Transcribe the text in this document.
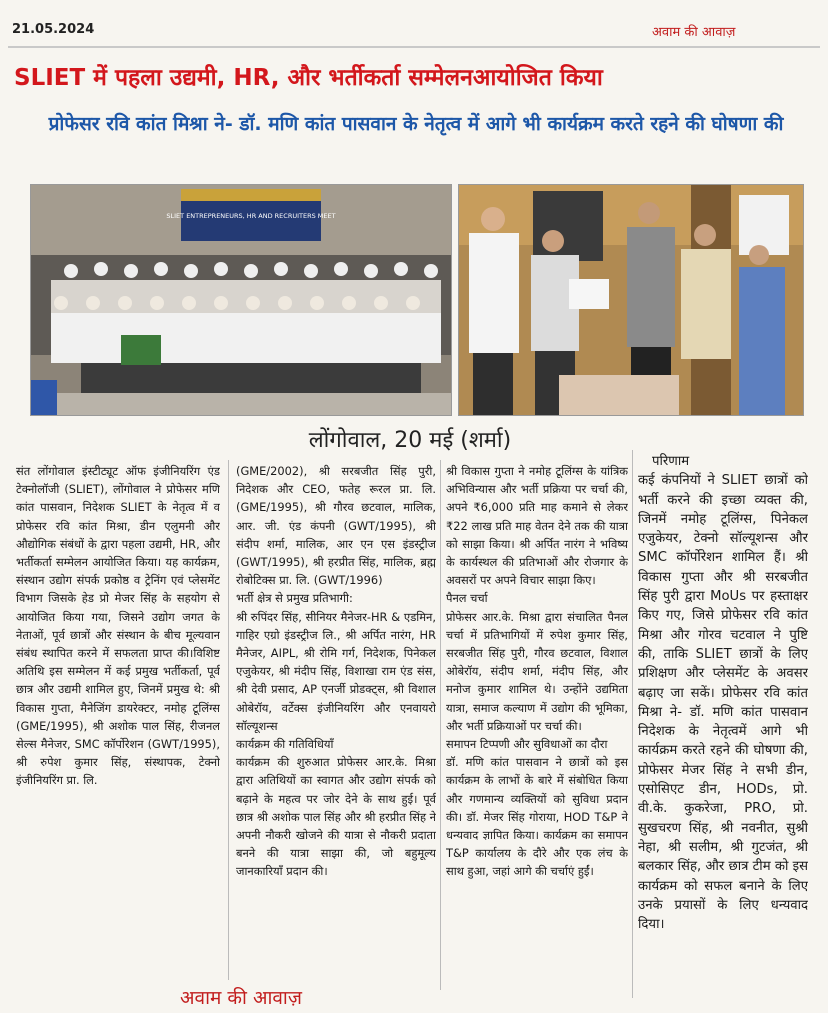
21.05.2024	अवाम की आवाज़
SLIET में पहला उद्यमी, HR, और भर्तीकर्ता सम्मेलनआयोजित किया
प्रोफेसर रवि कांत मिश्रा ने- डॉ. मणि कांत पासवान के नेतृत्व में आगे भी कार्यक्रम करते रहने की घोषणा की
SLIET ENTREPRENEURS, HR AND RECRUITERS MEET
लोंगोवाल, 20 मई (शर्मा)

संत लोंगोवाल इंस्टीट्यूट ऑफ इंजीनियरिंग एंड टेक्नोलॉजी (SLIET), लोंगोवाल ने प्रोफेसर मणि कांत पासवान, निदेशक SLIET के नेतृत्व में व प्रोफेसर रवि कांत मिश्रा, डीन एलुमनी और औद्योगिक संबंधों के द्वारा पहला उद्यमी, HR, और भर्तीकर्ता सम्मेलन आयोजित किया। यह कार्यक्रम, संस्थान उद्योग संपर्क प्रकोष्ठ व ट्रेनिंग एवं प्लेसमेंट विभाग जिसके हेड प्रो मेजर सिंह के सहयोग से आयोजित किया गया, जिसने उद्योग जगत के नेताओं, पूर्व छात्रों और संस्थान के बीच मूल्यवान संबंध स्थापित करने में सफलता प्राप्त की।विशिष्ट अतिथि इस सम्मेलन में कई प्रमुख भर्तीकर्ता, पूर्व छात्र और उद्यमी शामिल हुए, जिनमें प्रमुख थे: श्री विकास गुप्ता, मैनेजिंग डायरेक्टर, नमोह टूलिंग्स (GME/1995), श्री अशोक पाल सिंह, रीजनल सेल्स मैनेजर, SMC कॉर्पोरेशन (GWT/1995), श्री रुपेश कुमार सिंह, संस्थापक, टेक्नो इंजीनियरिंग प्रा. लि.

(GME/2002), श्री सरबजीत सिंह पुरी, निदेशक और CEO, फतेह रूरल प्रा. लि. (GME/1995), श्री गौरव छटवाल, मालिक, आर. जी. एंड कंपनी (GWT/1995), श्री संदीप शर्मा, मालिक, आर एन एस इंडस्ट्रीज (GWT/1995), श्री हरप्रीत सिंह, मालिक, ब्रह्म रोबोटिक्स प्रा. लि. (GWT/1996)

भर्ती क्षेत्र से प्रमुख प्रतिभागी:

श्री रुपिंदर सिंह, सीनियर मैनेजर-HR & एडमिन, गाहिर एग्रो इंडस्ट्रीज लि., श्री अर्पित नारंग, HR मैनेजर, AIPL, श्री रोमि गर्ग, निदेशक, पिनेकल एजुकेयर, श्री मंदीप सिंह, विशाखा राम एंड संस, श्री देवी प्रसाद, AP एनर्जी प्रोडक्ट्स, श्री विशाल ओबेरॉय, वर्टेक्स इंजीनियरिंग और एनवायरो सॉल्यूशन्स

कार्यक्रम की गतिविधियाँ

कार्यक्रम की शुरुआत प्रोफेसर आर.के. मिश्रा द्वारा अतिथियों का स्वागत और उद्योग संपर्क को बढ़ाने के महत्व पर जोर देने के साथ हुई। पूर्व छात्र श्री अशोक पाल सिंह और श्री हरप्रीत सिंह ने अपनी नौकरी खोजने की यात्रा से नौकरी प्रदाता बनने की यात्रा साझा की, जो बहुमूल्य जानकारियाँ प्रदान की।

श्री विकास गुप्ता ने नमोह टूलिंग्स के यांत्रिक अभिविन्यास और भर्ती प्रक्रिया पर चर्चा की, अपने ₹6,000 प्रति माह कमाने से लेकर ₹22 लाख प्रति माह वेतन देने तक की यात्रा को साझा किया। श्री अर्पित नारंग ने भविष्य के कार्यस्थल की प्रतिभाओं और रोजगार के अवसरों पर अपने विचार साझा किए।

पैनल चर्चा

प्रोफेसर आर.के. मिश्रा द्वारा संचालित पैनल चर्चा में प्रतिभागियों में रुपेश कुमार सिंह, सरबजीत सिंह पुरी, गौरव छटवाल, विशाल ओबेरॉय, संदीप शर्मा, मंदीप सिंह, और मनोज कुमार शामिल थे। उन्होंने उद्यमिता यात्रा, समाज कल्याण में उद्योग की भूमिका, और भर्ती प्रक्रियाओं पर चर्चा की।

समापन टिप्पणी और सुविधाओं का दौरा

डॉ. मणि कांत पासवान ने छात्रों को इस कार्यक्रम के लाभों के बारे में संबोधित किया और गणमान्य व्यक्तियों को सुविधा प्रदान की। डॉ. मेजर सिंह गोराया, HOD T&P ने धन्यवाद ज्ञापित किया। कार्यक्रम का समापन T&P कार्यालय के दौरे और एक लंच के साथ हुआ, जहां आगे की चर्चाएं हुईं।

परिणाम

कई कंपनियों ने SLIET छात्रों को भर्ती करने की इच्छा व्यक्त की, जिनमें नमोह टूलिंग्स, पिनेकल एजुकेयर, टेक्नो सॉल्यूशन्स और SMC कॉर्पोरेशन शामिल हैं। श्री विकास गुप्ता और श्री सरबजीत सिंह पुरी द्वारा MoUs पर हस्ताक्षर किए गए, जिसे प्रोफेसर रवि कांत मिश्रा और गोरव चटवाल ने पुष्टि की, ताकि SLIET छात्रों के लिए प्रशिक्षण और प्लेसमेंट के अवसर बढ़ाए जा सकें। प्रोफेसर रवि कांत मिश्रा ने- डॉ. मणि कांत पासवान निदेशक के नेतृत्वमें आगे भी कार्यक्रम करते रहने की घोषणा की, प्रोफेसर मेजर सिंह ने सभी डीन, एसोसिएट डीन, HODs, प्रो. वी.के. कुकरेजा, PRO, प्रो. सुखचरण सिंह, श्री नवनीत, सुश्री नेहा, श्री सलीम, श्री गुटजंत, श्री बलकार सिंह, और छात्र टीम को इस कार्यक्रम को सफल बनाने के लिए उनके प्रयासों के लिए धन्यवाद दिया।

अवाम की आवाज़
